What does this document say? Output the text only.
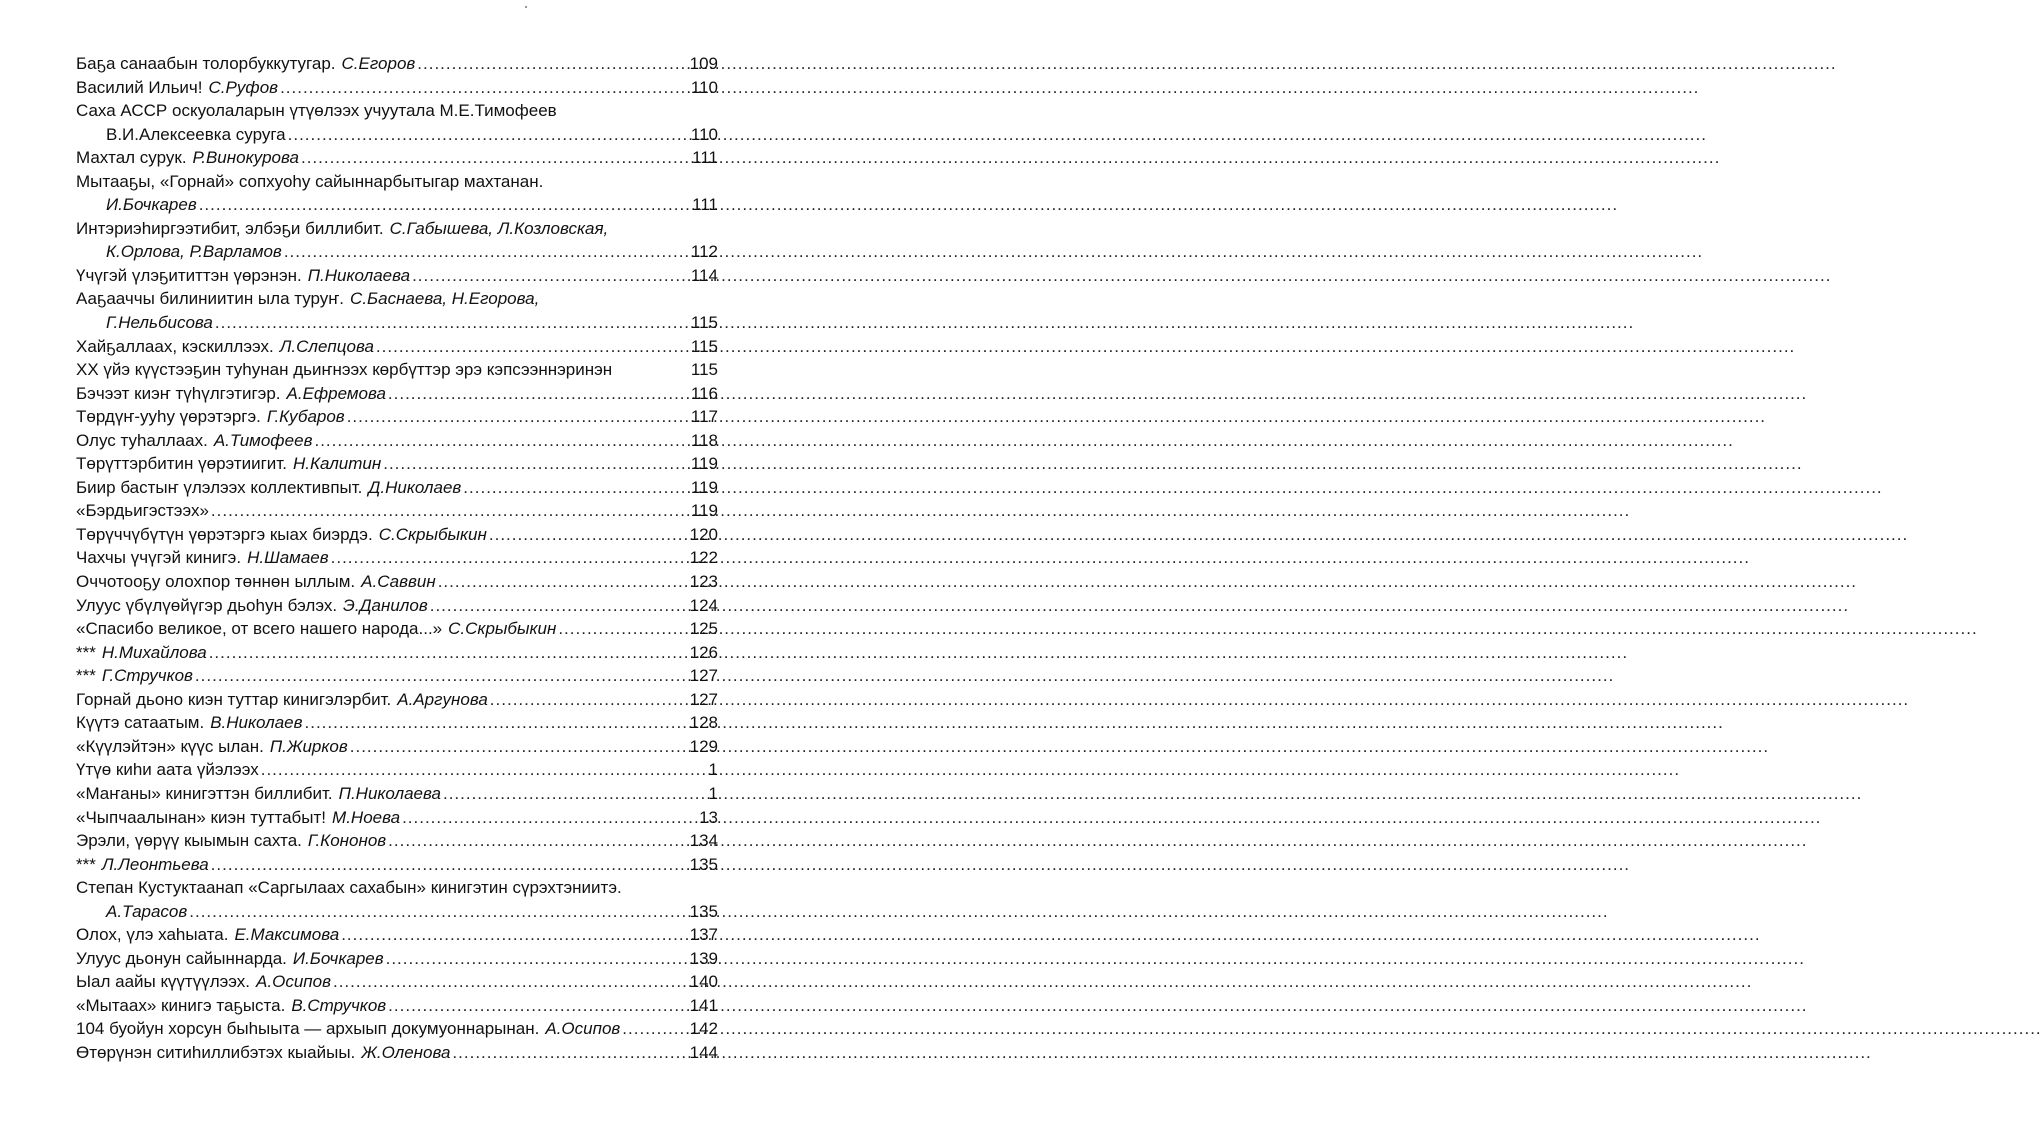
Баҕа санаабын толорбуккутугар. С.Егоров .....	109
Василий Ильич! С.Руфов .....	110
Саха АССР оскуолаларын үтүөлээх учуутала М.Е.Тимофеев
В.И.Алексеевка суруга .....	110
Махтал сурук. Р.Винокурова .....	111
Мытааҕы, «Горнай» сопхуоһу сайыннарбытыгар махтанан.
И.Бочкарев .....	111
Интэриэһиргээтибит, элбэҕи биллибит. С.Габышева, Л.Козловская,
К.Орлова, Р.Варламов .....	112
Үчүгэй үлэҕититтэн үөрэнэн. П.Николаева .....	114
Ааҕааччы билиниитин ыла туруҥ. С.Баснаева, Н.Егорова,
Г.Нельбисова .....	115
Хайҕаллаах, кэскиллээх. Л.Слепцова .....	115
XX үйэ күүстээҕин туһунан дьиҥнээх көрбүттэр эрэ кэпсээннэринэн	115
Бэчээт киэҥ түһүлгэтигэр. А.Ефремова .....	116
Төрдүҥ-ууһу үөрэтэргэ. Г.Кубаров .....	117
Олус туһаллаах. А.Тимофеев .....	118
Төрүттэрбитин үөрэтиигит. Н.Калитин .....	119
Биир бастыҥ үлэлээх коллективпыт. Д.Николаев .....	119
«Бэрдьигэстээх» .....	119
Төрүччүбүтүн үөрэтэргэ кыах биэрдэ. С.Скрыбыкин .....	120
Чахчы үчүгэй кинигэ. Н.Шамаев .....	122
Оччотооҕу олохпор төннөн ыллым. А.Саввин .....	123
Улуус үбүлүөйүгэр дьоһун бэлэх. Э.Данилов .....	124
«Спасибо великое, от всего нашего народа...» С.Скрыбыкин .....	125
*** Н.Михайлова .....	126
*** Г.Стручков .....	127
Горнай дьоно киэн туттар кинигэлэрбит. А.Аргунова .....	127
Күүтэ сатаатым. В.Николаев .....	128
«Күүлэйтэн» күүс ылан. П.Жирков .....	129
Үтүө киһи аата үйэлээх .....	1
«Маҥаны» кинигэттэн биллибит. П.Николаева .....	1
«Чыпчаалынан» киэн туттабыт! М.Ноева .....	13
Эрэли, үөрүү кыымын сахта. Г.Кононов .....	134
*** Л.Леонтьева .....	135
Степан Кустуктаанап «Саргылаах сахабын» кинигэтин сүрэхтэниитэ.
А.Тарасов .....	135
Олох, үлэ хаһыата. Е.Максимова .....	137
Улуус дьонун сайыннарда. И.Бочкарев .....	139
Ыал аайы күүтүүлээх. А.Осипов .....	140
«Мытаах» кинигэ таҕыста. В.Стручков .....	141
104 буойун хорсун быһыыта — архыып докумуоннарынан. А.Осипов .....	142
Өтөрүнэн ситиһиллибэтэх кыайыы. Ж.Оленова .....	144
